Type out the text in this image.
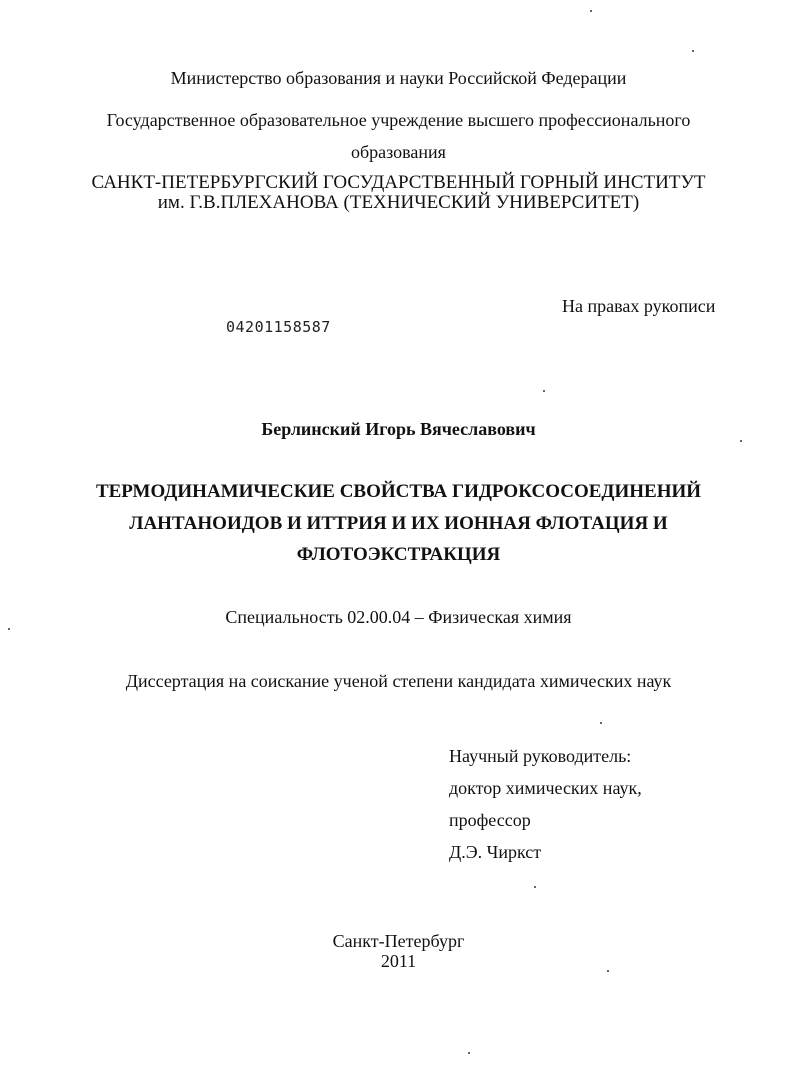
Министерство образования и науки Российской Федерации
Государственное образовательное учреждение высшего профессионального
образования
САНКТ-ПЕТЕРБУРГСКИЙ ГОСУДАРСТВЕННЫЙ ГОРНЫЙ ИНСТИТУТ
им. Г.В.ПЛЕХАНОВА (ТЕХНИЧЕСКИЙ УНИВЕРСИТЕТ)
На правах рукописи
04201158587
Берлинский Игорь Вячеславович
ТЕРМОДИНАМИЧЕСКИЕ СВОЙСТВА ГИДРОКСОСОЕДИНЕНИЙ
ЛАНТАНОИДОВ И ИТТРИЯ И ИХ ИОННАЯ ФЛОТАЦИЯ И
ФЛОТОЭКСТРАКЦИЯ
Специальность 02.00.04 – Физическая химия
Диссертация на соискание ученой степени кандидата химических наук
Научный руководитель:
доктор химических наук,
профессор
Д.Э. Чиркст
Санкт-Петербург
2011
